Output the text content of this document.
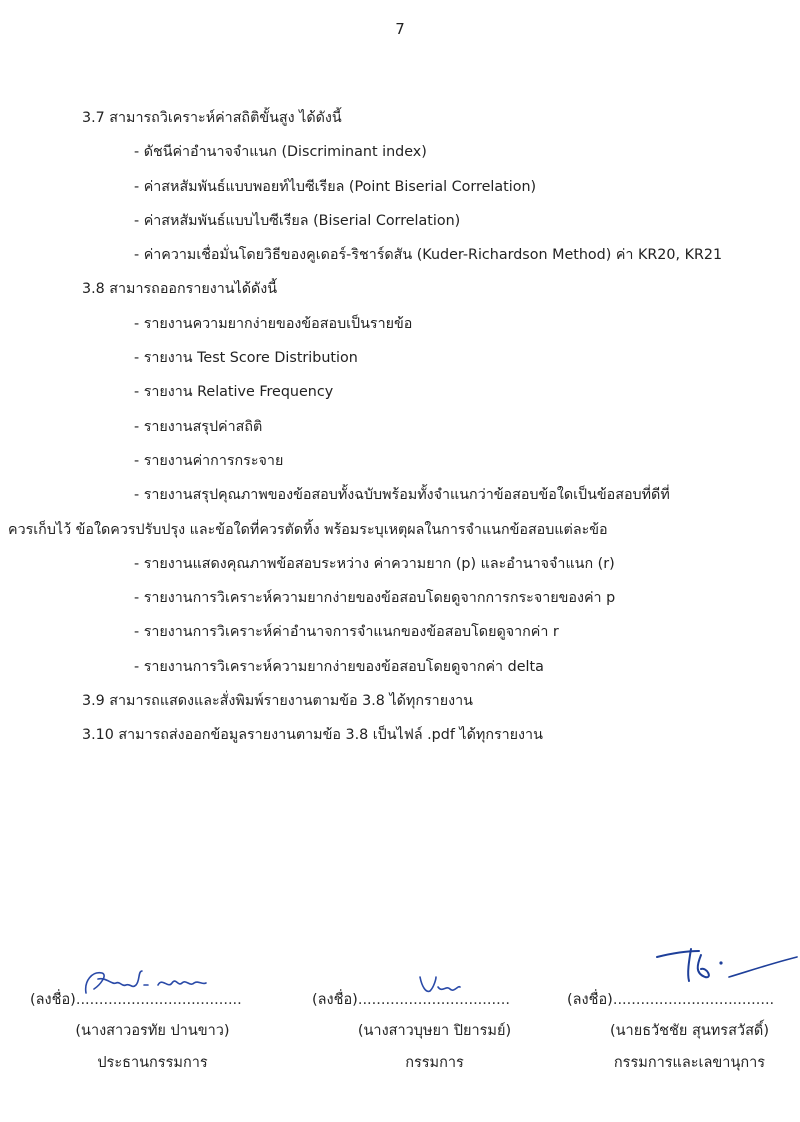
7
3.7 สามารถวิเคราะห์ค่าสถิติขั้นสูง ได้ดังนี้
- ดัชนีค่าอำนาจจำแนก (Discriminant index)
- ค่าสหสัมพันธ์แบบพอยท์ไบซีเรียล (Point Biserial Correlation)
- ค่าสหสัมพันธ์แบบไบซีเรียล (Biserial Correlation)
- ค่าความเชื่อมั่นโดยวิธีของคูเดอร์-ริชาร์ดสัน (Kuder-Richardson Method) ค่า KR20, KR21
3.8 สามารถออกรายงานได้ดังนี้
- รายงานความยากง่ายของข้อสอบเป็นรายข้อ
- รายงาน Test Score Distribution
- รายงาน Relative Frequency
- รายงานสรุปค่าสถิติ
- รายงานค่าการกระจาย
- รายงานสรุปคุณภาพของข้อสอบทั้งฉบับพร้อมทั้งจำแนกว่าข้อสอบข้อใดเป็นข้อสอบที่ดีที่
ควรเก็บไว้ ข้อใดควรปรับปรุง และข้อใดที่ควรตัดทิ้ง พร้อมระบุเหตุผลในการจำแนกข้อสอบแต่ละข้อ
- รายงานแสดงคุณภาพข้อสอบระหว่าง ค่าความยาก (p) และอำนาจจำแนก (r)
- รายงานการวิเคราะห์ความยากง่ายของข้อสอบโดยดูจากการกระจายของค่า p
- รายงานการวิเคราะห์ค่าอำนาจการจำแนกของข้อสอบโดยดูจากค่า r
- รายงานการวิเคราะห์ความยากง่ายของข้อสอบโดยดูจากค่า delta
3.9 สามารถแสดงและสั่งพิมพ์รายงานตามข้อ 3.8 ได้ทุกรายงาน
3.10 สามารถส่งออกข้อมูลรายงานตามข้อ 3.8 เป็นไฟล์ .pdf ได้ทุกรายงาน
(ลงชื่อ)....................................
(นางสาวอรทัย ปานขาว)
ประธานกรรมการ
(ลงชื่อ).................................
(นางสาวบุษยา ปิยารมย์)
กรรมการ
(ลงชื่อ)...................................
(นายธวัชชัย สุนทรสวัสดิ์)
กรรมการและเลขานุการ
